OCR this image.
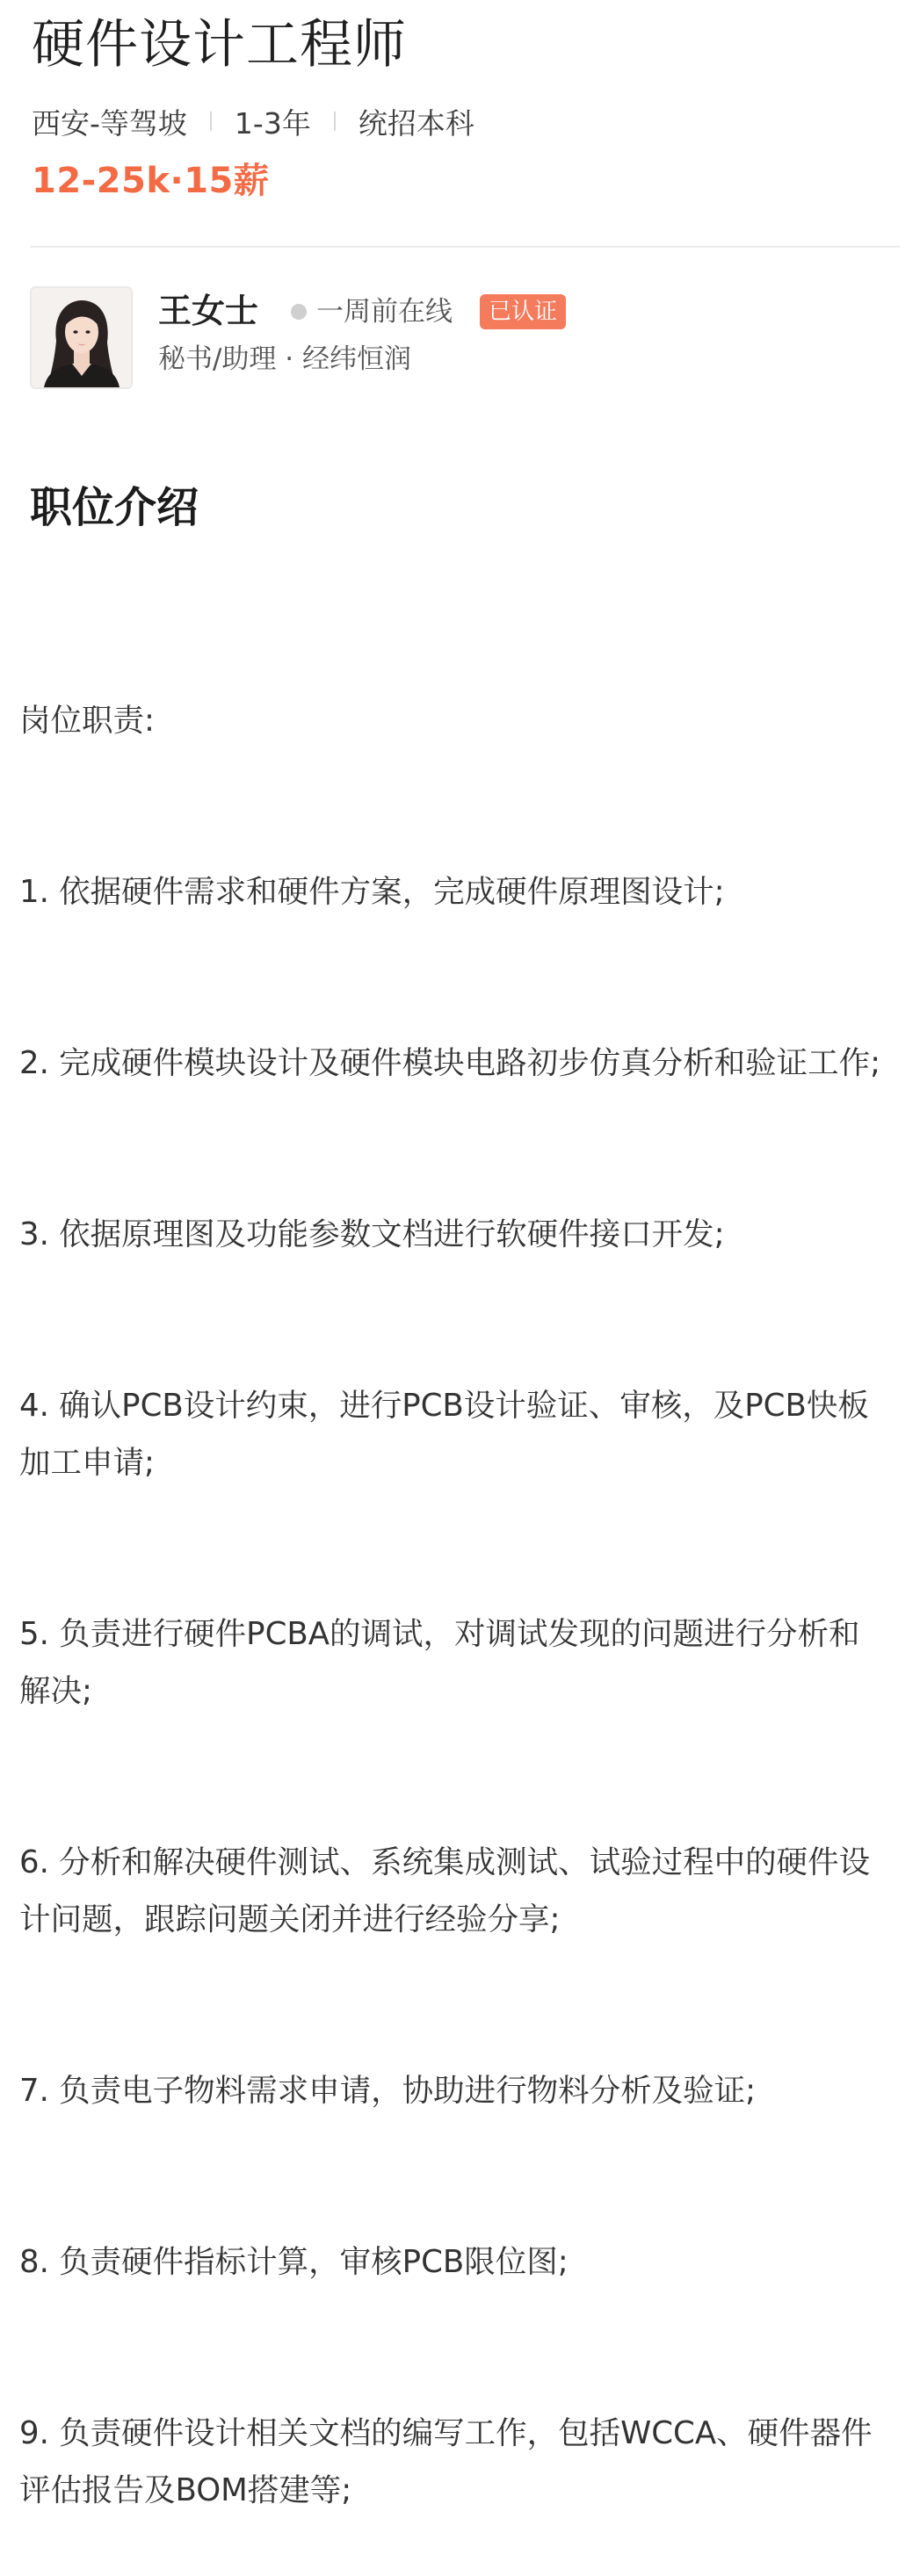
硬件设计工程师
西安-等驾坡 1-3年 统招本科
12-25k·15薪
王女士 一周前在线	已认证
秘书/助理 · 经纬恒润
职位介绍

岗位职责:

1. 依据硬件需求和硬件方案，完成硬件原理图设计;

2. 完成硬件模块设计及硬件模块电路初步仿真分析和验证工作;

3. 依据原理图及功能参数文档进行软硬件接口开发;

4. 确认PCB设计约束，进行PCB设计验证、审核，及PCB快板加工申请;

5. 负责进行硬件PCBA的调试，对调试发现的问题进行分析和解决;

6. 分析和解决硬件测试、系统集成测试、试验过程中的硬件设计问题，跟踪问题关闭并进行经验分享;

7. 负责电子物料需求申请，协助进行物料分析及验证;

8. 负责硬件指标计算，审核PCB限位图;

9. 负责硬件设计相关文档的编写工作，包括WCCA、硬件器件评估报告及BOM搭建等;
